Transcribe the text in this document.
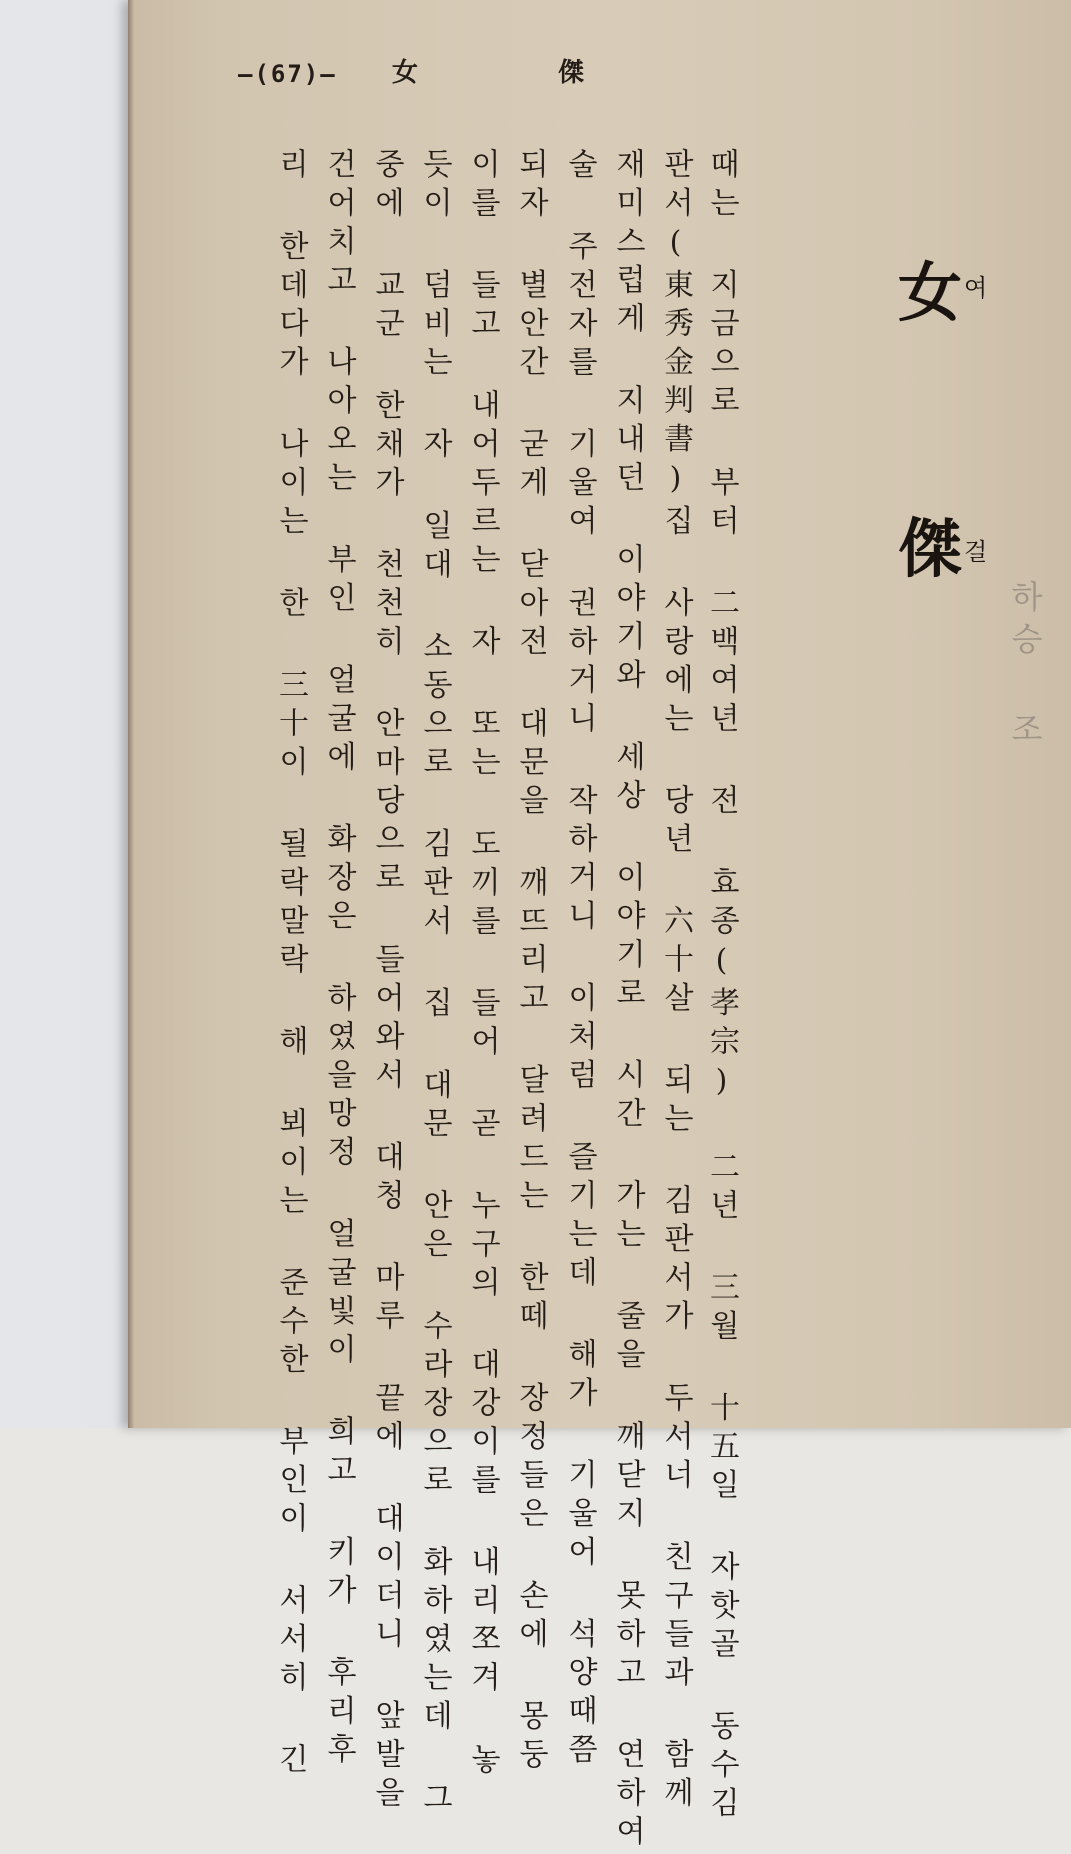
女 여
傑 걸
하승 조
傑
女
—(67)—
때는 지금으로 부터 二백여년 전 효종(孝宗) 二년 三월 十五일 자핫골 동수김
판서(東秀金判書)집 사랑에는 당년 六十살 되는 김판서가 두서너 친구들과 함께
재미스럽게 지내던 이야기와 세상 이야기로 시간 가는 줄을 깨닫지 못하고 연하여
술 주전자를 기울여 권하거니 작하거니 이처럼 즐기는데 해가 기울어 석양때쯤
되자 별안간 굳게 닫아전 대문을 깨뜨리고 달려드는 한떼 장정들은 손에 몽둥
이를 들고 내어두르는 자 또는 도끼를 들어 곧 누구의 대강이를 내리쪼겨 놓
듯이 덤비는 자 일대 소동으로 김판서 집 대문 안은 수라장으로 화하였는데 그
중에 교군 한채가 천천히 안마당으로 들어와서 대청 마루 끝에 대이더니 앞발을
건어치고 나아오는 부인 얼굴에 화장은 하였을망정 얼굴빛이 희고 키가 후리후
리 한데다가 나이는 한 三十이 될락말락 해 뵈이는 준수한 부인이 서서히 긴
